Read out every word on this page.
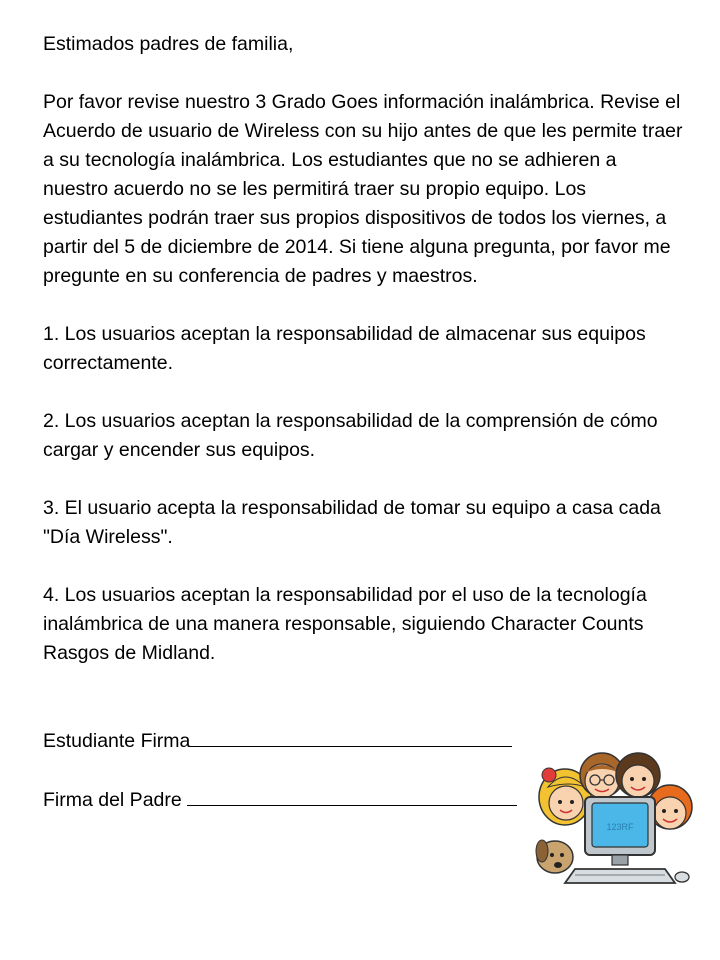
Estimados padres de familia,

Por favor revise nuestro 3 Grado Goes información inalámbrica. Revise el Acuerdo de usuario de Wireless con su hijo antes de que les permite traer a su tecnología inalámbrica. Los estudiantes que no se adhieren a nuestro acuerdo no se les permitirá traer su propio equipo. Los estudiantes podrán traer sus propios dispositivos de todos los viernes, a partir del 5 de diciembre de 2014. Si tiene alguna pregunta, por favor me pregunte en su conferencia de padres y maestros.

1. Los usuarios aceptan la responsabilidad de almacenar sus equipos correctamente.

2. Los usuarios aceptan la responsabilidad de la comprensión de cómo cargar y encender sus equipos.

3. El usuario acepta la responsabilidad de tomar su equipo a casa cada "Día Wireless".

4. Los usuarios aceptan la responsabilidad por el uso de la tecnología inalámbrica de una manera responsable, siguiendo Character Counts Rasgos de Midland.

Estudiante Firma

Firma del Padre

123RF
